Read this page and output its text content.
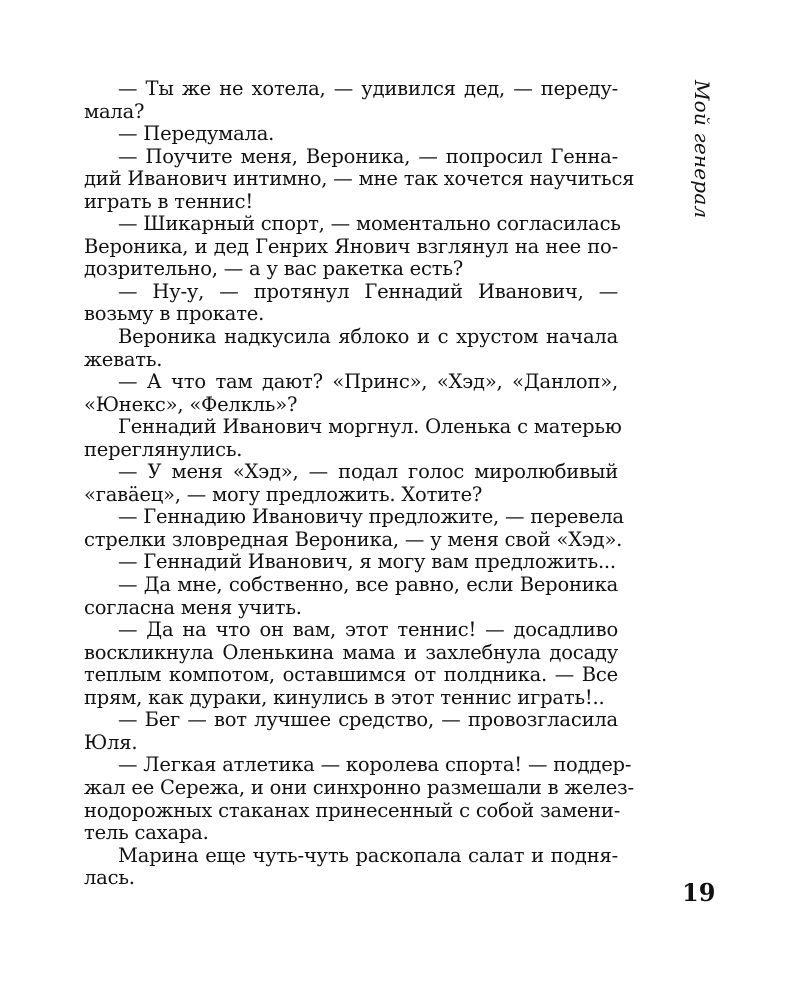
— Ты же не хотела, — удивился дед, — переду-
мала?
— Передумала.
— Поучите меня, Вероника, — попросил Генна-
дий Иванович интимно, — мне так хочется научиться
играть в теннис!
— Шикарный спорт, — моментально согласилась
Вероника, и дед Генрих Янович взглянул на нее по-
дозрительно, — а у вас ракетка есть?
— Ну-у, — протянул Геннадий Иванович, —
возьму в прокате.
Вероника надкусила яблоко и с хрустом начала
жевать.
— А что там дают? «Принс», «Хэд», «Данлоп»,
«Юнекс», «Фелкль»?
Геннадий Иванович моргнул. Оленька с матерью
переглянулись.
— У меня «Хэд», — подал голос миролюбивый
«гавäец», — могу предложить. Хотите?
— Геннадию Ивановичу предложите, — перевела
стрелки зловредная Вероника, — у меня свой «Хэд».
— Геннадий Иванович, я могу вам предложить...
— Да мне, собственно, все равно, если Вероника
согласна меня учить.
— Да на что он вам, этот теннис! — досадливо
воскликнула Оленькина мама и захлебнула досаду
теплым компотом, оставшимся от полдника. — Все
прям, как дураки, кинулись в этот теннис играть!..
— Бег — вот лучшее средство, — провозгласила
Юля.
— Легкая атлетика — королева спорта! — поддер-
жал ее Сережа, и они синхронно размешали в желез-
нодорожных стаканах принесенный с собой замени-
тель сахара.
Марина еще чуть-чуть раскопала салат и подня-
лась.
Мой генерал
19
